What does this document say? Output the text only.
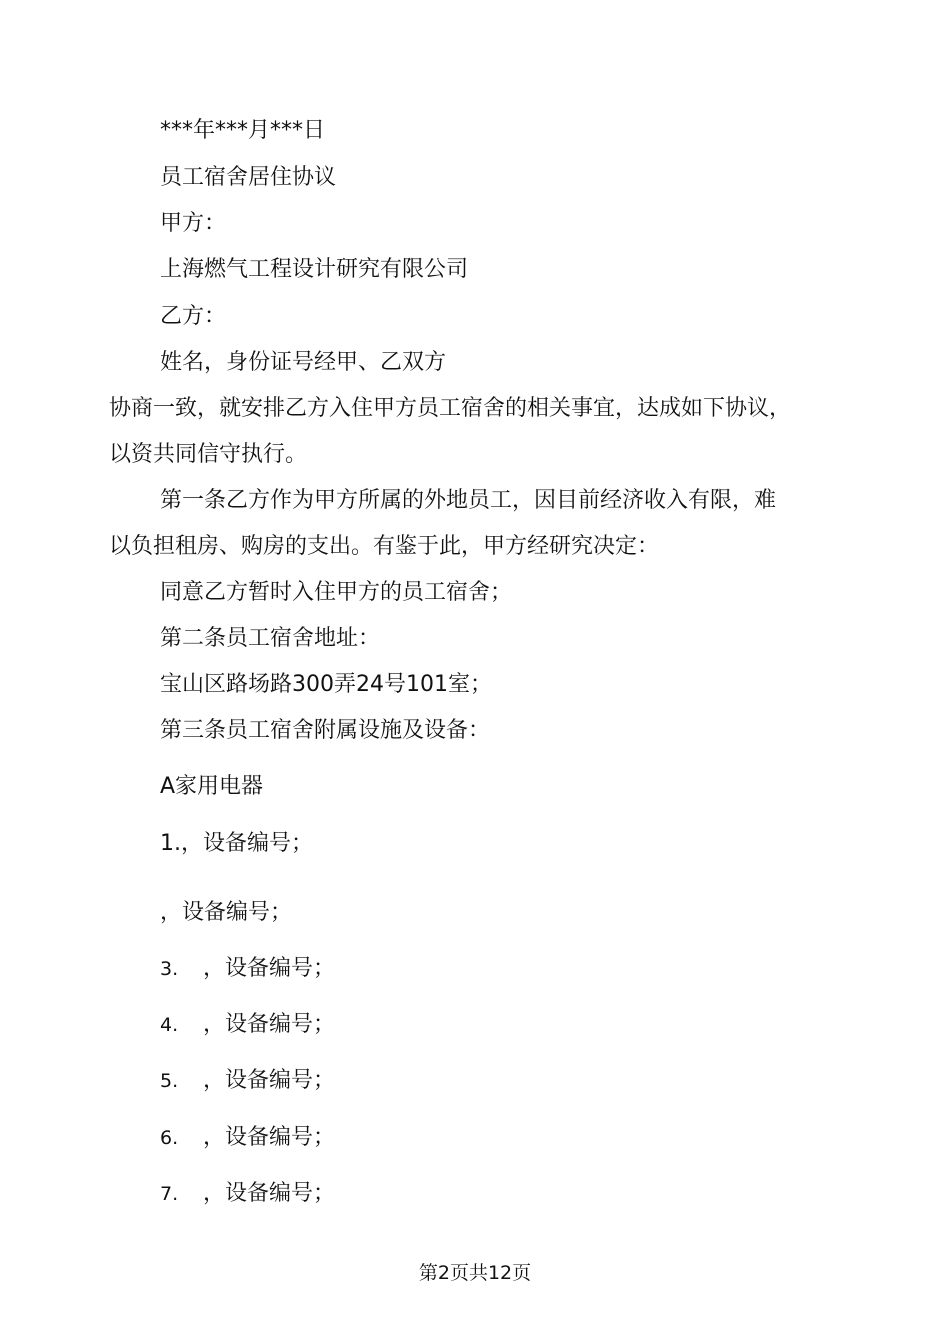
***年***月***日
员工宿舍居住协议
甲方：
上海燃气工程设计研究有限公司
乙方：
姓名，身份证号经甲、乙双方
协商一致，就安排乙方入住甲方员工宿舍的相关事宜，达成如下协议，
以资共同信守执行。
第一条乙方作为甲方所属的外地员工，因目前经济收入有限，难
以负担租房、购房的支出。有鉴于此，甲方经研究决定：
同意乙方暂时入住甲方的员工宿舍；
第二条员工宿舍地址：
宝山区路场路300弄24号101室；
第三条员工宿舍附属设施及设备：
A家用电器
1.，设备编号；
，设备编号；
3. ，设备编号；
4. ，设备编号；
5. ，设备编号；
6. ，设备编号；
7. ，设备编号；
第2页共12页
